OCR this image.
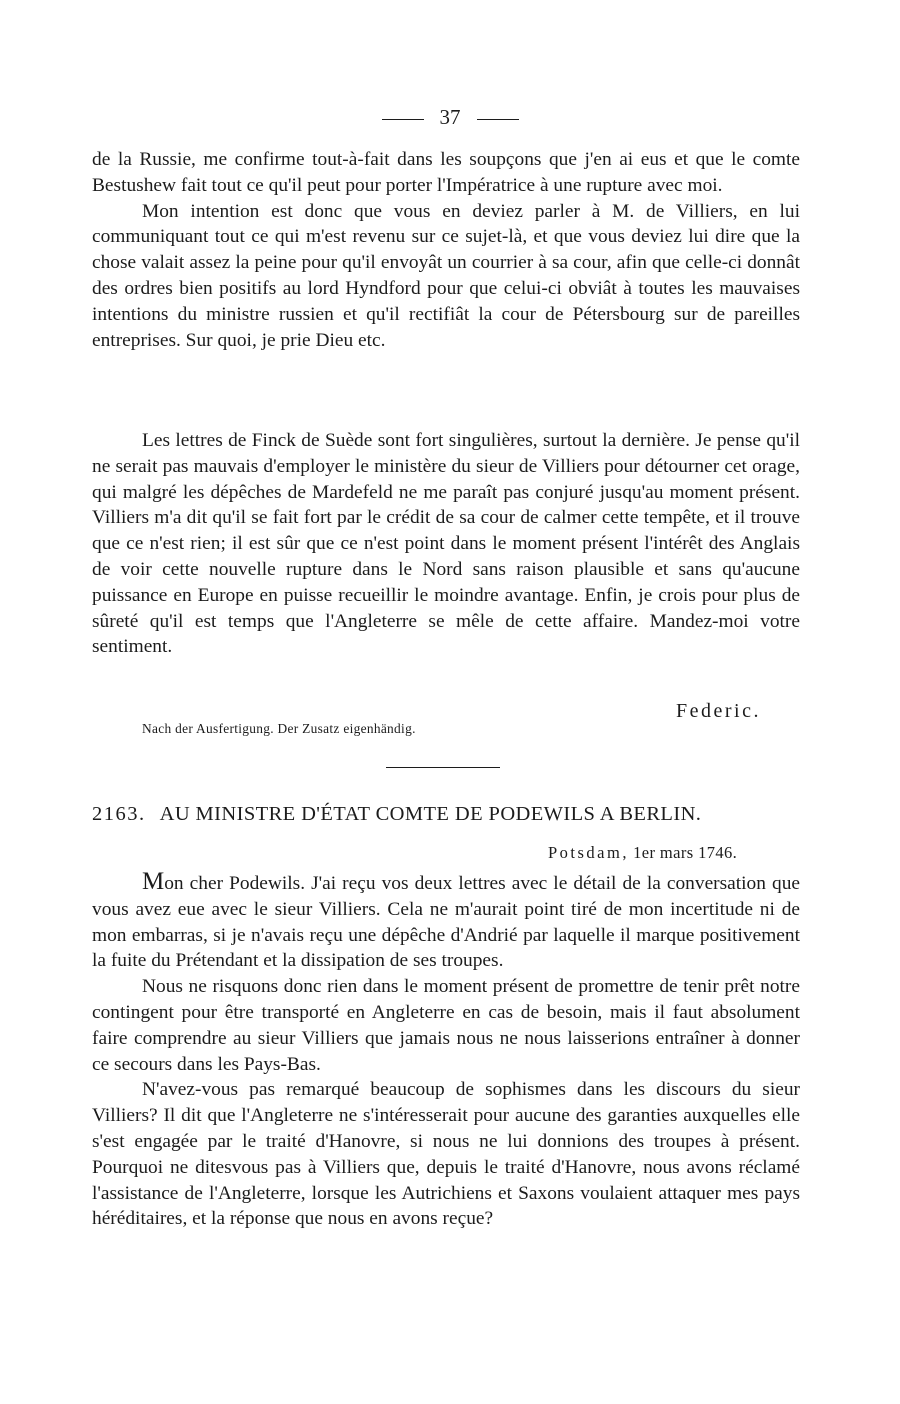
37

de la Russie, me confirme tout-à-fait dans les soupçons que j'en ai eus et que le comte Bestushew fait tout ce qu'il peut pour porter l'Impératrice à une rupture avec moi.

Mon intention est donc que vous en deviez parler à M. de Villiers, en lui communiquant tout ce qui m'est revenu sur ce sujet-là, et que vous deviez lui dire que la chose valait assez la peine pour qu'il envoyât un courrier à sa cour, afin que celle-ci donnât des ordres bien positifs au lord Hyndford pour que celui-ci obviât à toutes les mauvaises intentions du ministre russien et qu'il rectifiât la cour de Pétersbourg sur de pareilles entreprises. Sur quoi, je prie Dieu etc.

Les lettres de Finck de Suède sont fort singulières, surtout la dernière. Je pense qu'il ne serait pas mauvais d'employer le ministère du sieur de Villiers pour détourner cet orage, qui malgré les dépêches de Mardefeld ne me paraît pas conjuré jusqu'au moment présent. Villiers m'a dit qu'il se fait fort par le crédit de sa cour de calmer cette tempête, et il trouve que ce n'est rien; il est sûr que ce n'est point dans le moment présent l'intérêt des Anglais de voir cette nouvelle rupture dans le Nord sans raison plausible et sans qu'aucune puissance en Europe en puisse recueillir le moindre avantage. Enfin, je crois pour plus de sûreté qu'il est temps que l'Angleterre se mêle de cette affaire. Mandez-moi votre sentiment.

Federic.
Nach der Ausfertigung. Der Zusatz eigenhändig.
2163. AU MINISTRE D'ÉTAT COMTE DE PODEWILS A BERLIN.
Potsdam, 1er mars 1746.

Mon cher Podewils. J'ai reçu vos deux lettres avec le détail de la conversation que vous avez eue avec le sieur Villiers. Cela ne m'aurait point tiré de mon incertitude ni de mon embarras, si je n'avais reçu une dépêche d'Andrié par laquelle il marque positivement la fuite du Prétendant et la dissipation de ses troupes.

Nous ne risquons donc rien dans le moment présent de promettre de tenir prêt notre contingent pour être transporté en Angleterre en cas de besoin, mais il faut absolument faire comprendre au sieur Villiers que jamais nous ne nous laisserions entraîner à donner ce secours dans les Pays-Bas.

N'avez-vous pas remarqué beaucoup de sophismes dans les discours du sieur Villiers? Il dit que l'Angleterre ne s'intéresserait pour aucune des garanties auxquelles elle s'est engagée par le traité d'Hanovre, si nous ne lui donnions des troupes à présent. Pourquoi ne ditesvous pas à Villiers que, depuis le traité d'Hanovre, nous avons réclamé l'assistance de l'Angleterre, lorsque les Autrichiens et Saxons voulaient attaquer mes pays héréditaires, et la réponse que nous en avons reçue?
